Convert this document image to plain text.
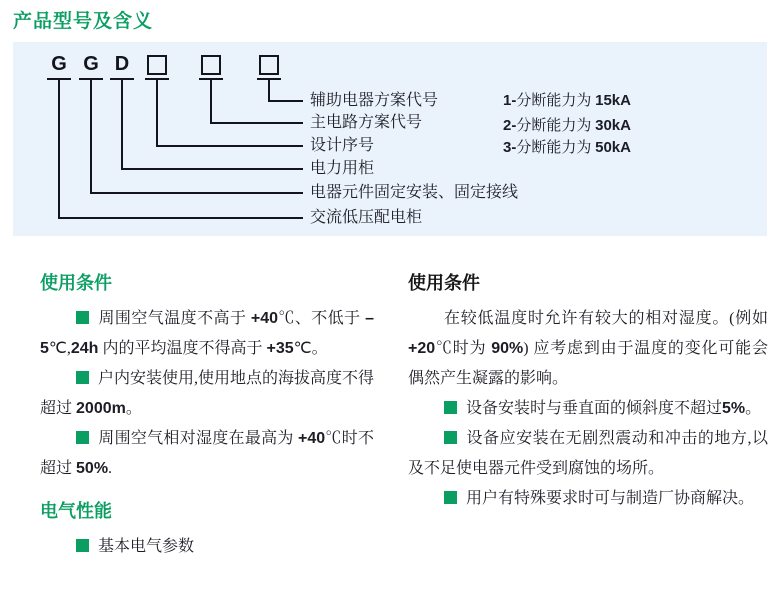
产品型号及含义
G G D
辅助电器方案代号
主电路方案代号
设计序号
电力用柜
电器元件固定安装、固定接线
交流低压配电柜
1-分断能力为 15kA
2-分断能力为 30kA
3-分断能力为 50kA
使用条件

周围空气温度不高于 +40℃、不低于 –5℃,24h 内的平均温度不得高于 +35℃。

户内安装使用,使用地点的海拔高度不得超过 2000m。

周围空气相对湿度在最高为 +40℃时不超过 50%.

电气性能

基本电气参数

使用条件

在较低温度时允许有较大的相对湿度。(例如+20℃时为 90%) 应考虑到由于温度的变化可能会偶然产生凝露的影响。

设备安装时与垂直面的倾斜度不超过5%。

设备应安装在无剧烈震动和冲击的地方,以及不足使电器元件受到腐蚀的场所。

用户有特殊要求时可与制造厂协商解决。
